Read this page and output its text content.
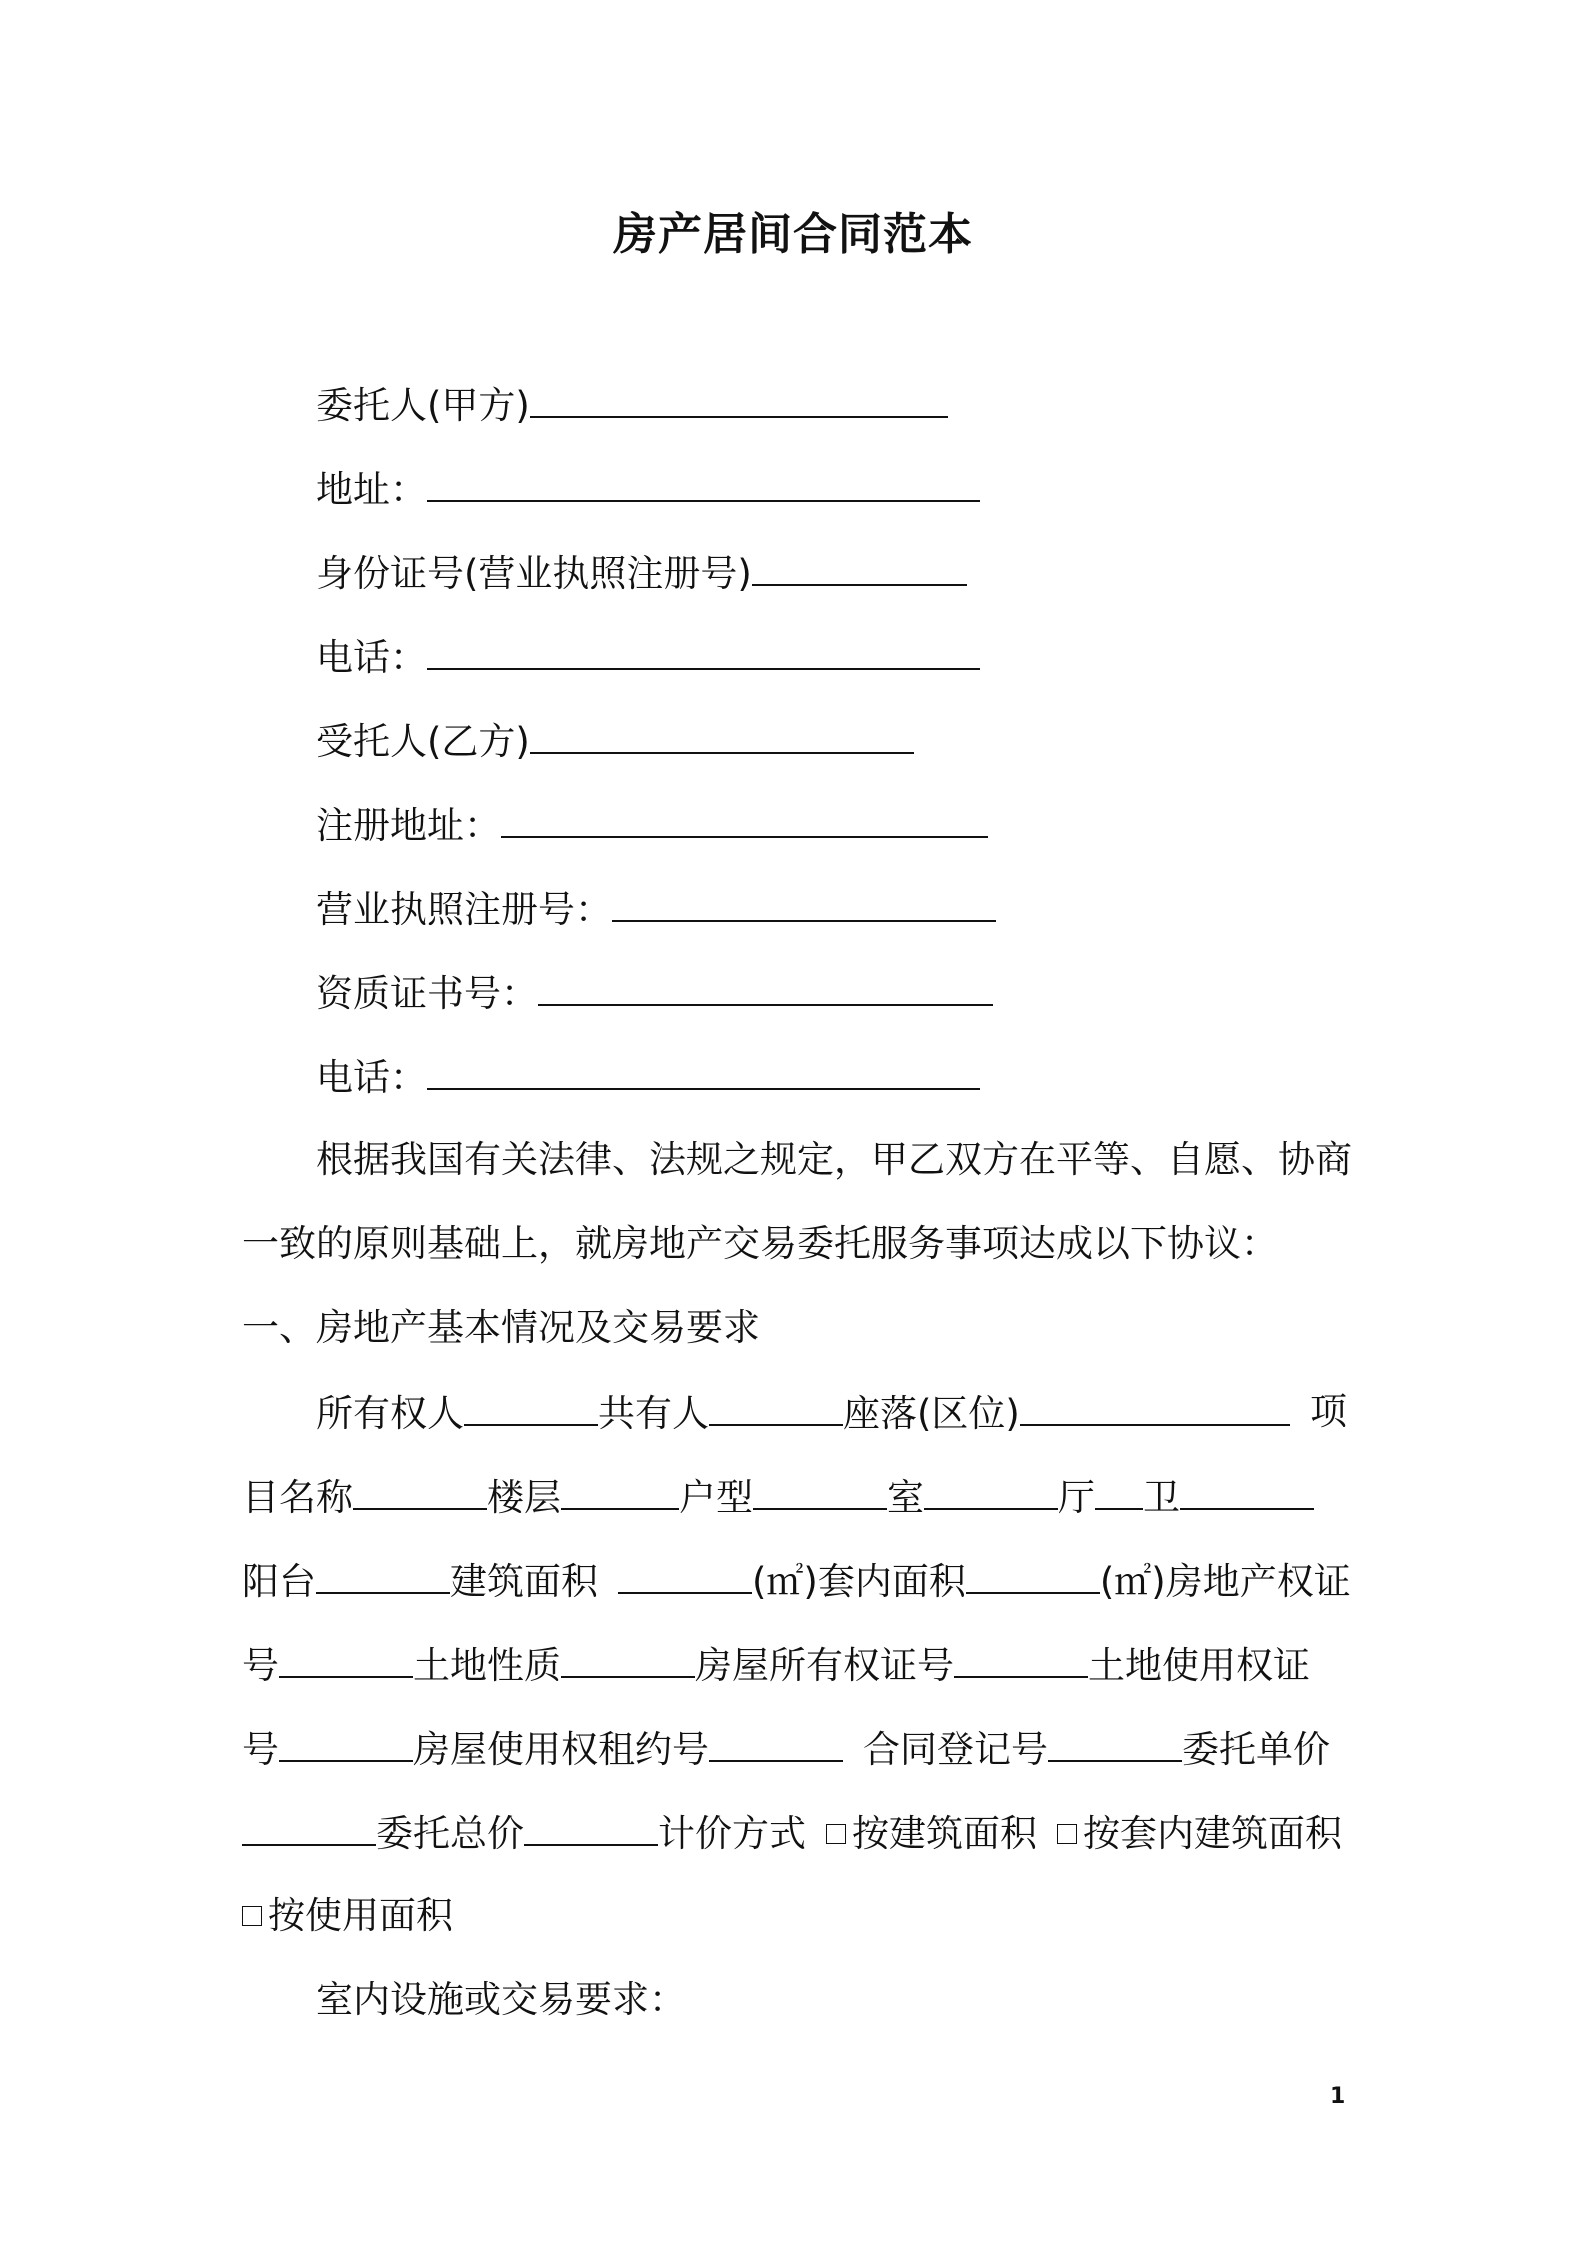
房产居间合同范本
委托人(甲方)
地址：
身份证号(营业执照注册号)
电话：
受托人(乙方)
注册地址：
营业执照注册号：
资质证书号：
电话：
根据我国有关法律、法规之规定，甲乙双方在平等、自愿、协商
一致的原则基础上，就房地产交易委托服务事项达成以下协议：
一、房地产基本情况及交易要求
所有权人	共有人	座落(区位)	项
目名称	楼层	户型	室	厅 卫
阳台	建筑面积	(㎡)套内面积	(㎡)房地产权证
号	土地性质	房屋所有权证号	土地使用权证
号	房屋使用权租约号	合同登记号	委托单价
委托总价	计价方式 按建筑面积 按套内建筑面积
按使用面积
室内设施或交易要求：
1
